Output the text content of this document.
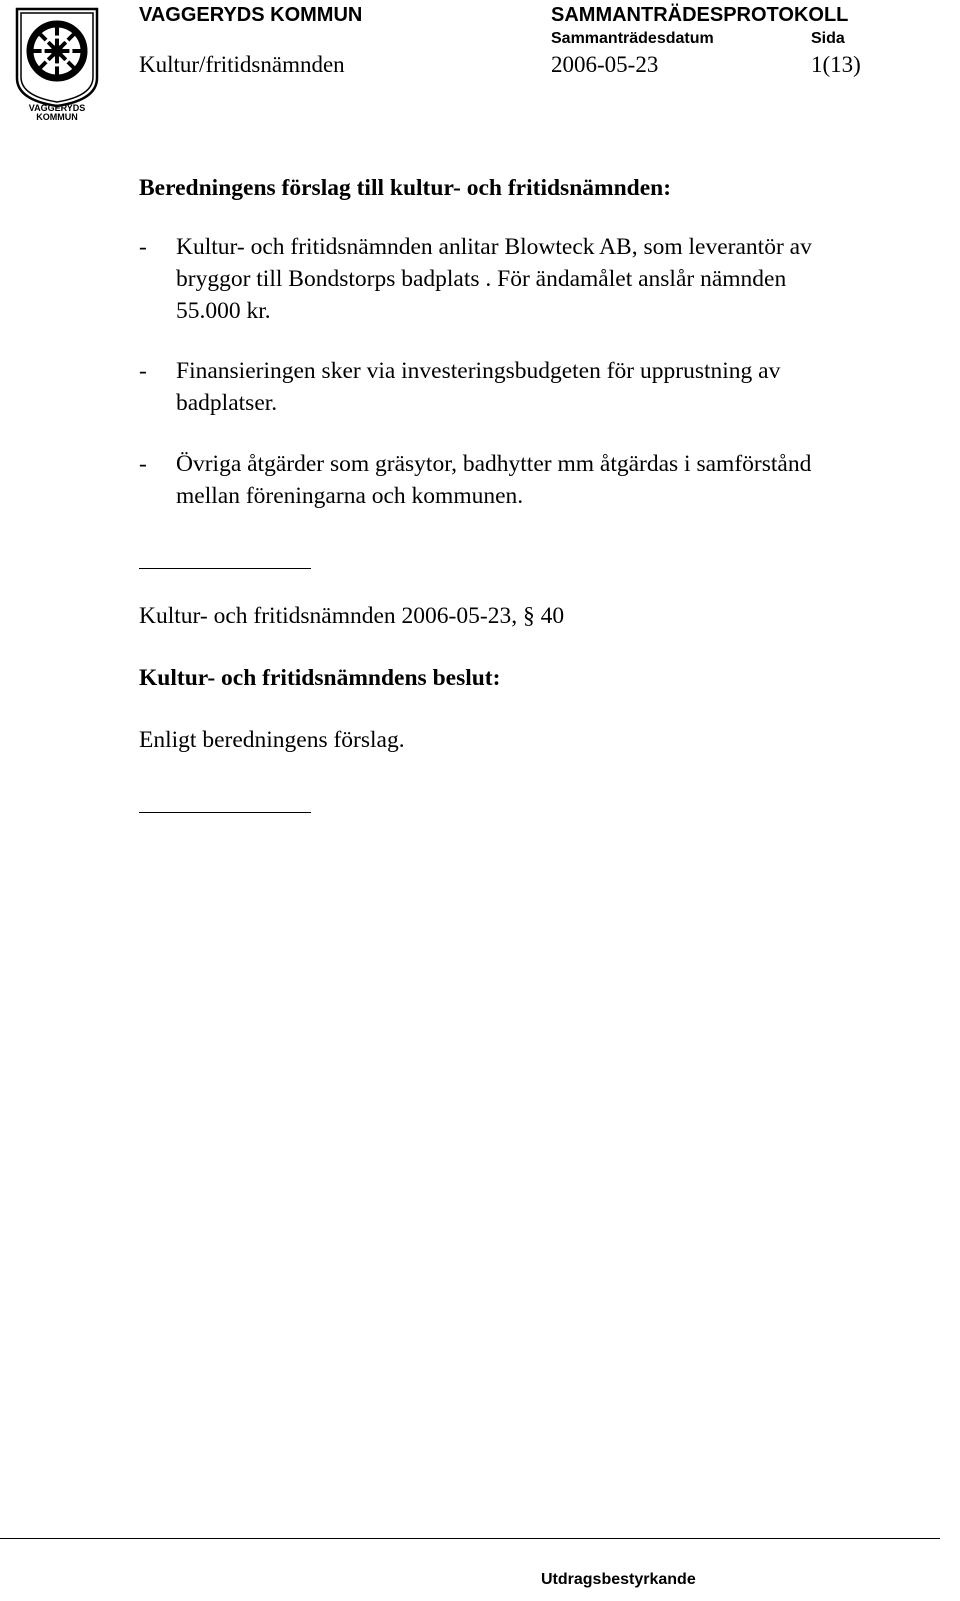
VAGGERYDS
KOMMUN
VAGGERYDS KOMMUN	SAMMANTRÄDESPROTOKOLL
Sammanträdesdatum	Sida
Kultur/fritidsnämnden	2006-05-23	1(13)
Beredningens förslag till kultur- och fritidsnämnden:
- Kultur- och fritidsnämnden anlitar Blowteck AB, som leverantör av
bryggor till Bondstorps badplats . För ändamålet anslår nämnden
55.000 kr.
- Finansieringen sker via investeringsbudgeten för upprustning av
badplatser.
- Övriga åtgärder som gräsytor, badhytter mm åtgärdas i samförstånd
mellan föreningarna och kommunen.
Kultur- och fritidsnämnden 2006-05-23, § 40
Kultur- och fritidsnämndens beslut:
Enligt beredningens förslag.
Utdragsbestyrkande
